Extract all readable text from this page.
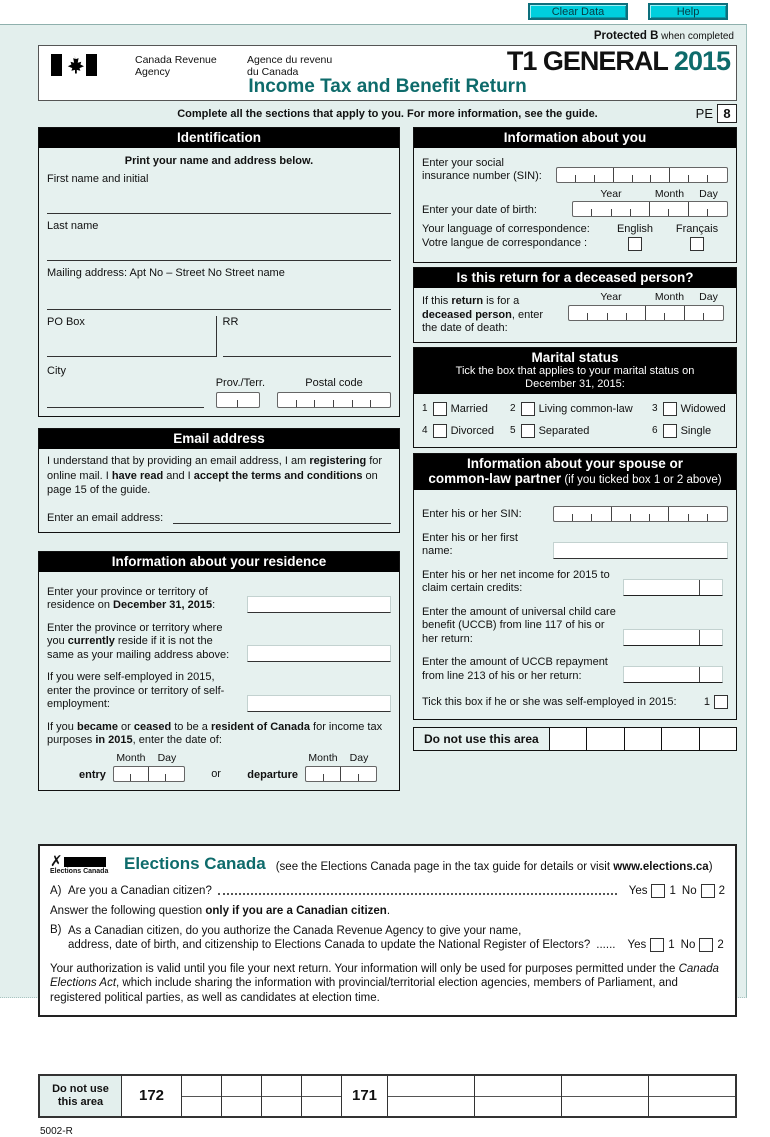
Clear Data	Help
Protected B when completed
Canada Revenue
Agency
Agence du revenu
du Canada	T1 GENERAL 2015
Income Tax and Benefit Return
Complete all the sections that apply to you. For more information, see the guide.	PE 8
Identification
Print your name and address below.
First name and initial
Last name
Mailing address: Apt No – Street No Street name
PO Box	RR
City
Prov./Terr.	Postal code
Email address
I understand that by providing an email address, I am registering for online mail. I have read and I accept the terms and conditions on page 15 of the guide.
Enter an email address:
Information about your residence
Enter your province or territory of residence on December 31, 2015:
Enter the province or territory where you currently reside if it is not the same as your mailing address above:
If you were self-employed in 2015, enter the province or territory of self-employment:
If you became or ceased to be a resident of Canada for income tax purposes in 2015, enter the date of:
Month	Day
entry	or
Month	Day
departure
Information about you
Enter your social insurance number (SIN):
Year	Month	Day
Enter your date of birth:
Your language of correspondence:
Votre langue de correspondance :
English	Français
Is this return for a deceased person?
If this return is for a deceased person, enter the date of death:
Year	Month	Day
Marital status
Tick the box that applies to your marital status on
December 31, 2015:
1 Married 2 Living common-law 3 Widowed
4 Divorced 5 Separated	6 Single
Information about your spouse or
common-law partner (if you ticked box 1 or 2 above)
Enter his or her SIN:
Enter his or her first name:
Enter his or her net income for 2015 to claim certain credits:
Enter the amount of universal child care benefit (UCCB) from line 117 of his or her return:
Enter the amount of UCCB repayment from line 213 of his or her return:
Tick this box if he or she was self-employed in 2015: 1
Do not use this area
✗
Elections Canada Elections Canada (see the Elections Canada page in the tax guide for details or visit www.elections.ca)
A) Are you a Canadian citizen?	Yes 1 No 2
Answer the following question only if you are a Canadian citizen.
B) As a Canadian citizen, do you authorize the Canada Revenue Agency to give your name,
address, date of birth, and citizenship to Elections Canada to update the National Register of Electors? ...... Yes 1 No 2
Your authorization is valid until you file your next return. Your information will only be used for purposes permitted under the Canada Elections Act, which include sharing the information with provincial/territorial election agencies, members of Parliament, and registered political parties, as well as candidates at election time.
Do not use
this area	172	171
5002-R
